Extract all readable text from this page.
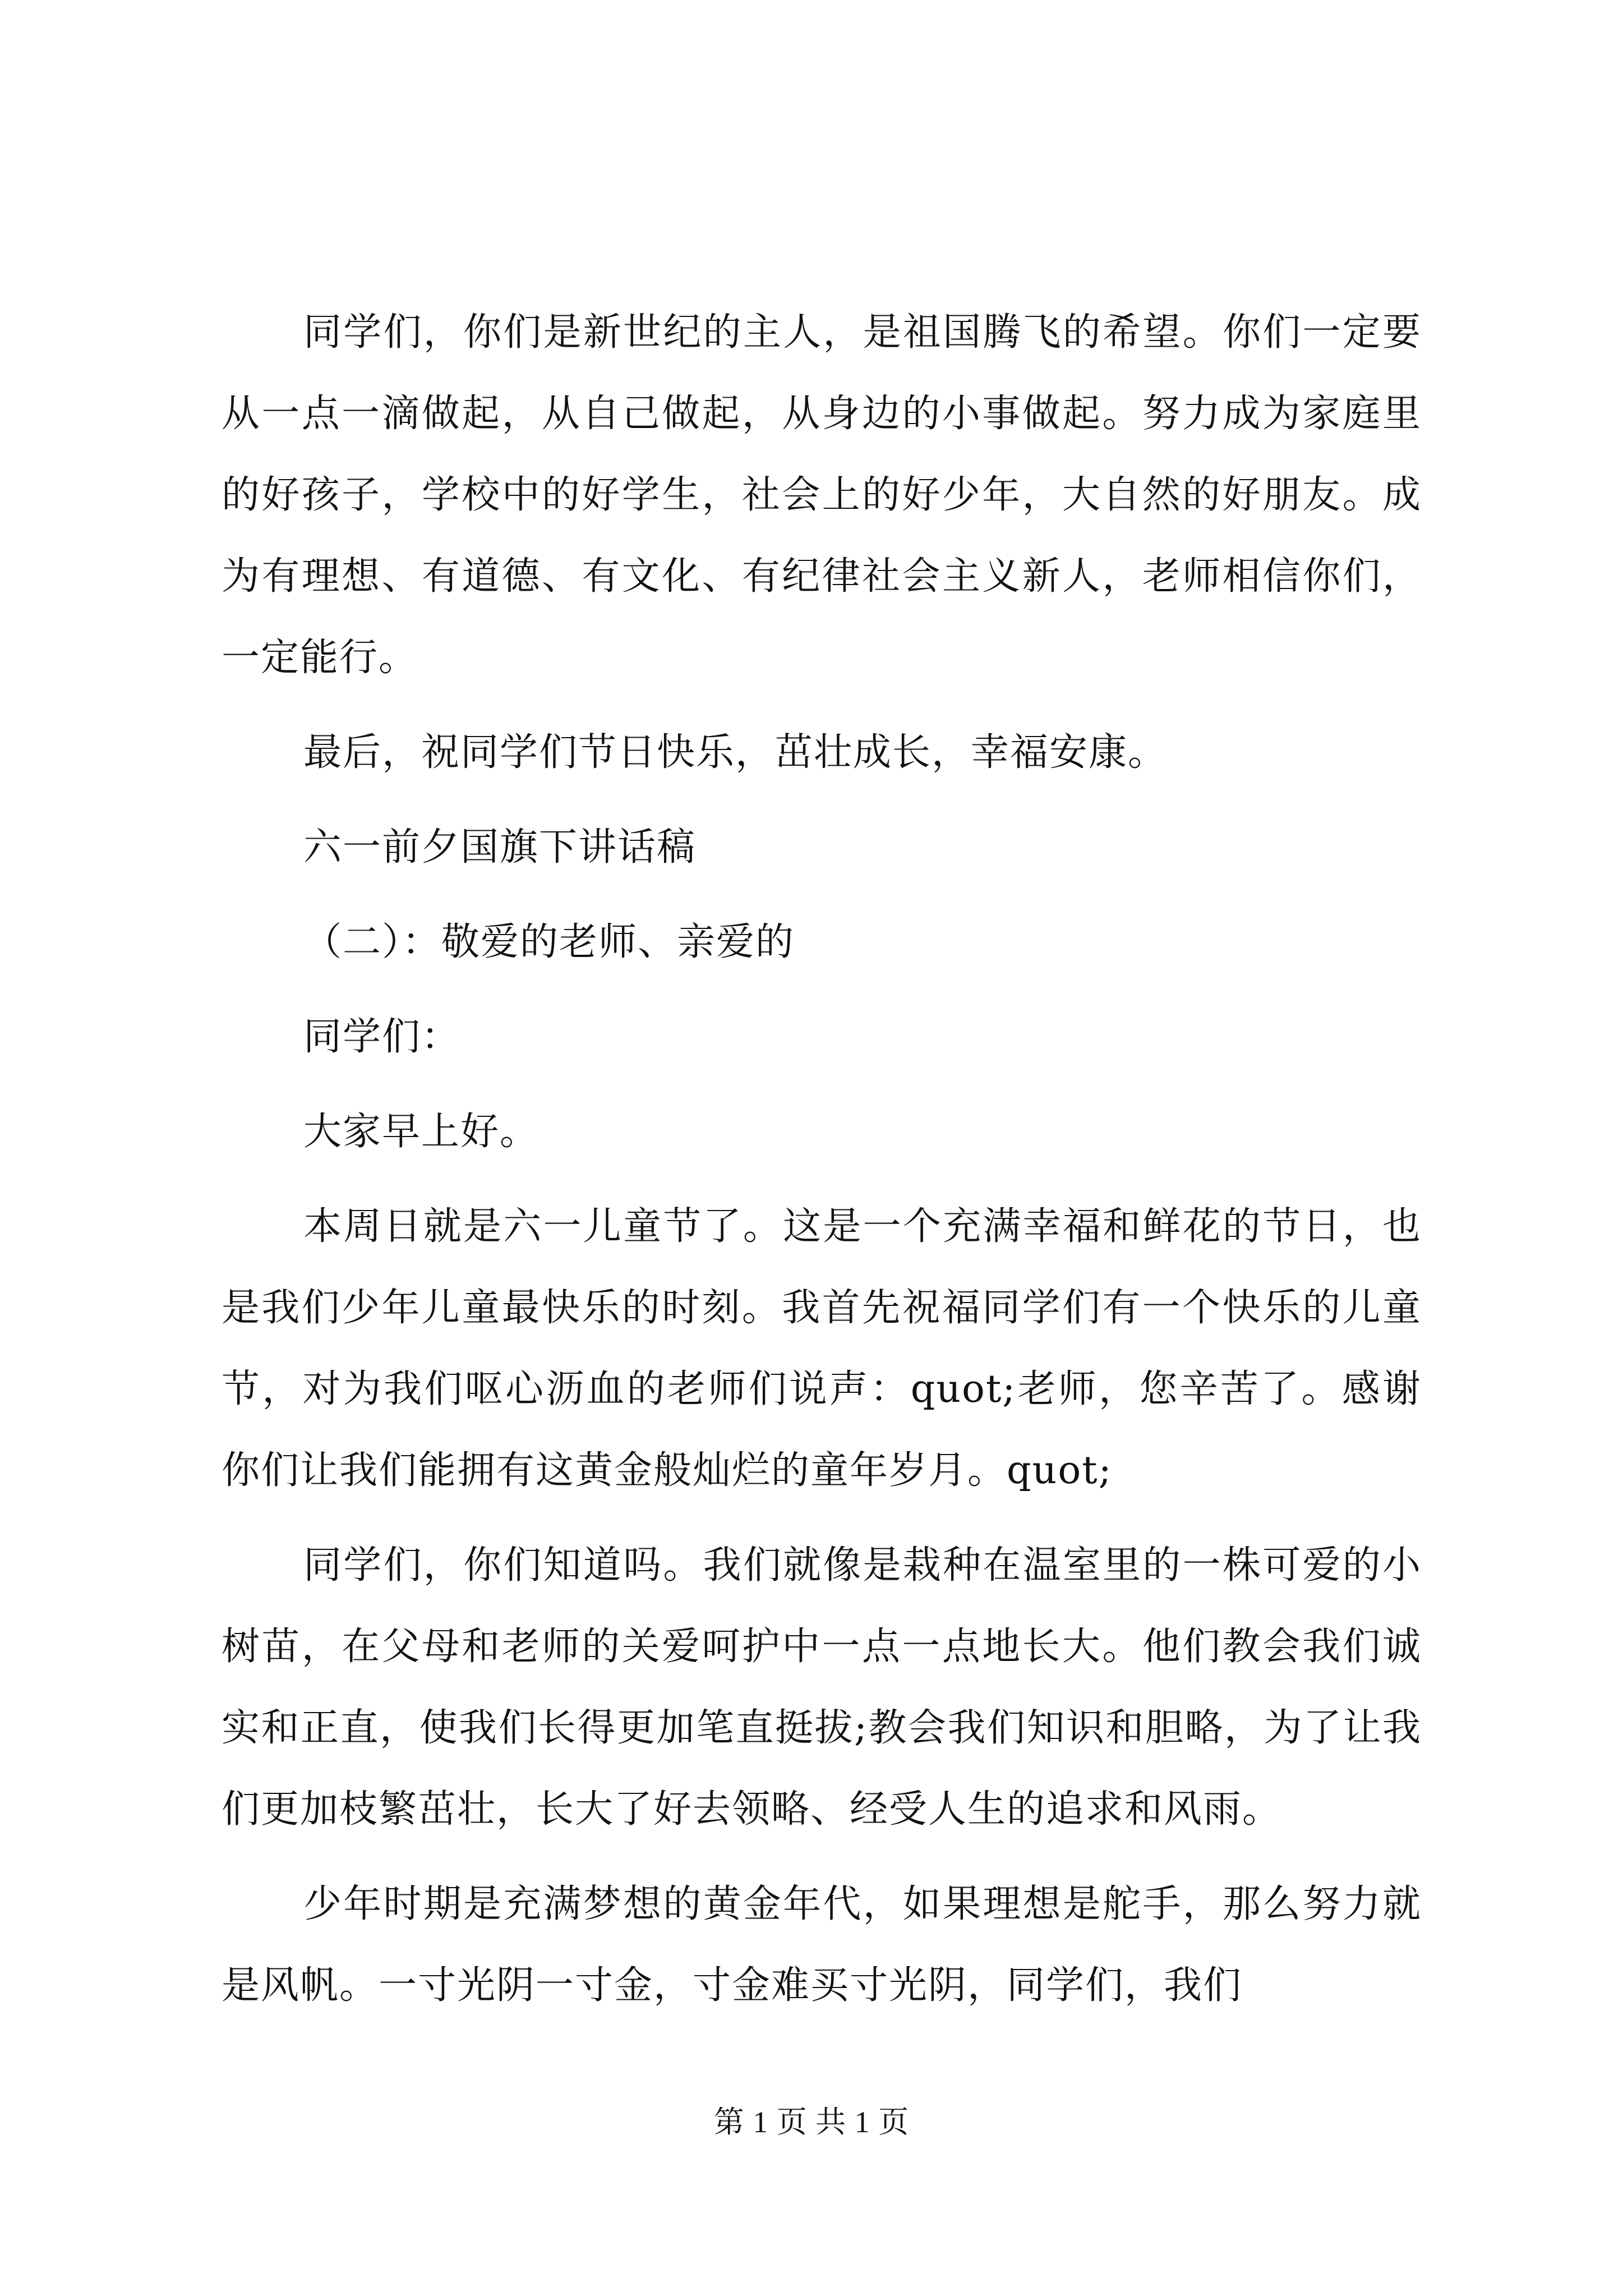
同学们，你们是新世纪的主人，是祖国腾飞的希望。你们一定要从一点一滴做起，从自己做起，从身边的小事做起。努力成为家庭里的好孩子，学校中的好学生，社会上的好少年，大自然的好朋友。成为有理想、有道德、有文化、有纪律社会主义新人，老师相信你们，一定能行。

最后，祝同学们节日快乐，茁壮成长，幸福安康。

六一前夕国旗下讲话稿

（二）：敬爱的老师、亲爱的

同学们：

大家早上好。

本周日就是六一儿童节了。这是一个充满幸福和鲜花的节日，也是我们少年儿童最快乐的时刻。我首先祝福同学们有一个快乐的儿童节，对为我们呕心沥血的老师们说声：quot;老师，您辛苦了。感谢你们让我们能拥有这黄金般灿烂的童年岁月。quot;

同学们，你们知道吗。我们就像是栽种在温室里的一株可爱的小树苗，在父母和老师的关爱呵护中一点一点地长大。他们教会我们诚实和正直，使我们长得更加笔直挺拔;教会我们知识和胆略，为了让我们更加枝繁茁壮，长大了好去领略、经受人生的追求和风雨。

少年时期是充满梦想的黄金年代，如果理想是舵手，那么努力就是风帆。一寸光阴一寸金，寸金难买寸光阴，同学们，我们

第 1 页 共 1 页
